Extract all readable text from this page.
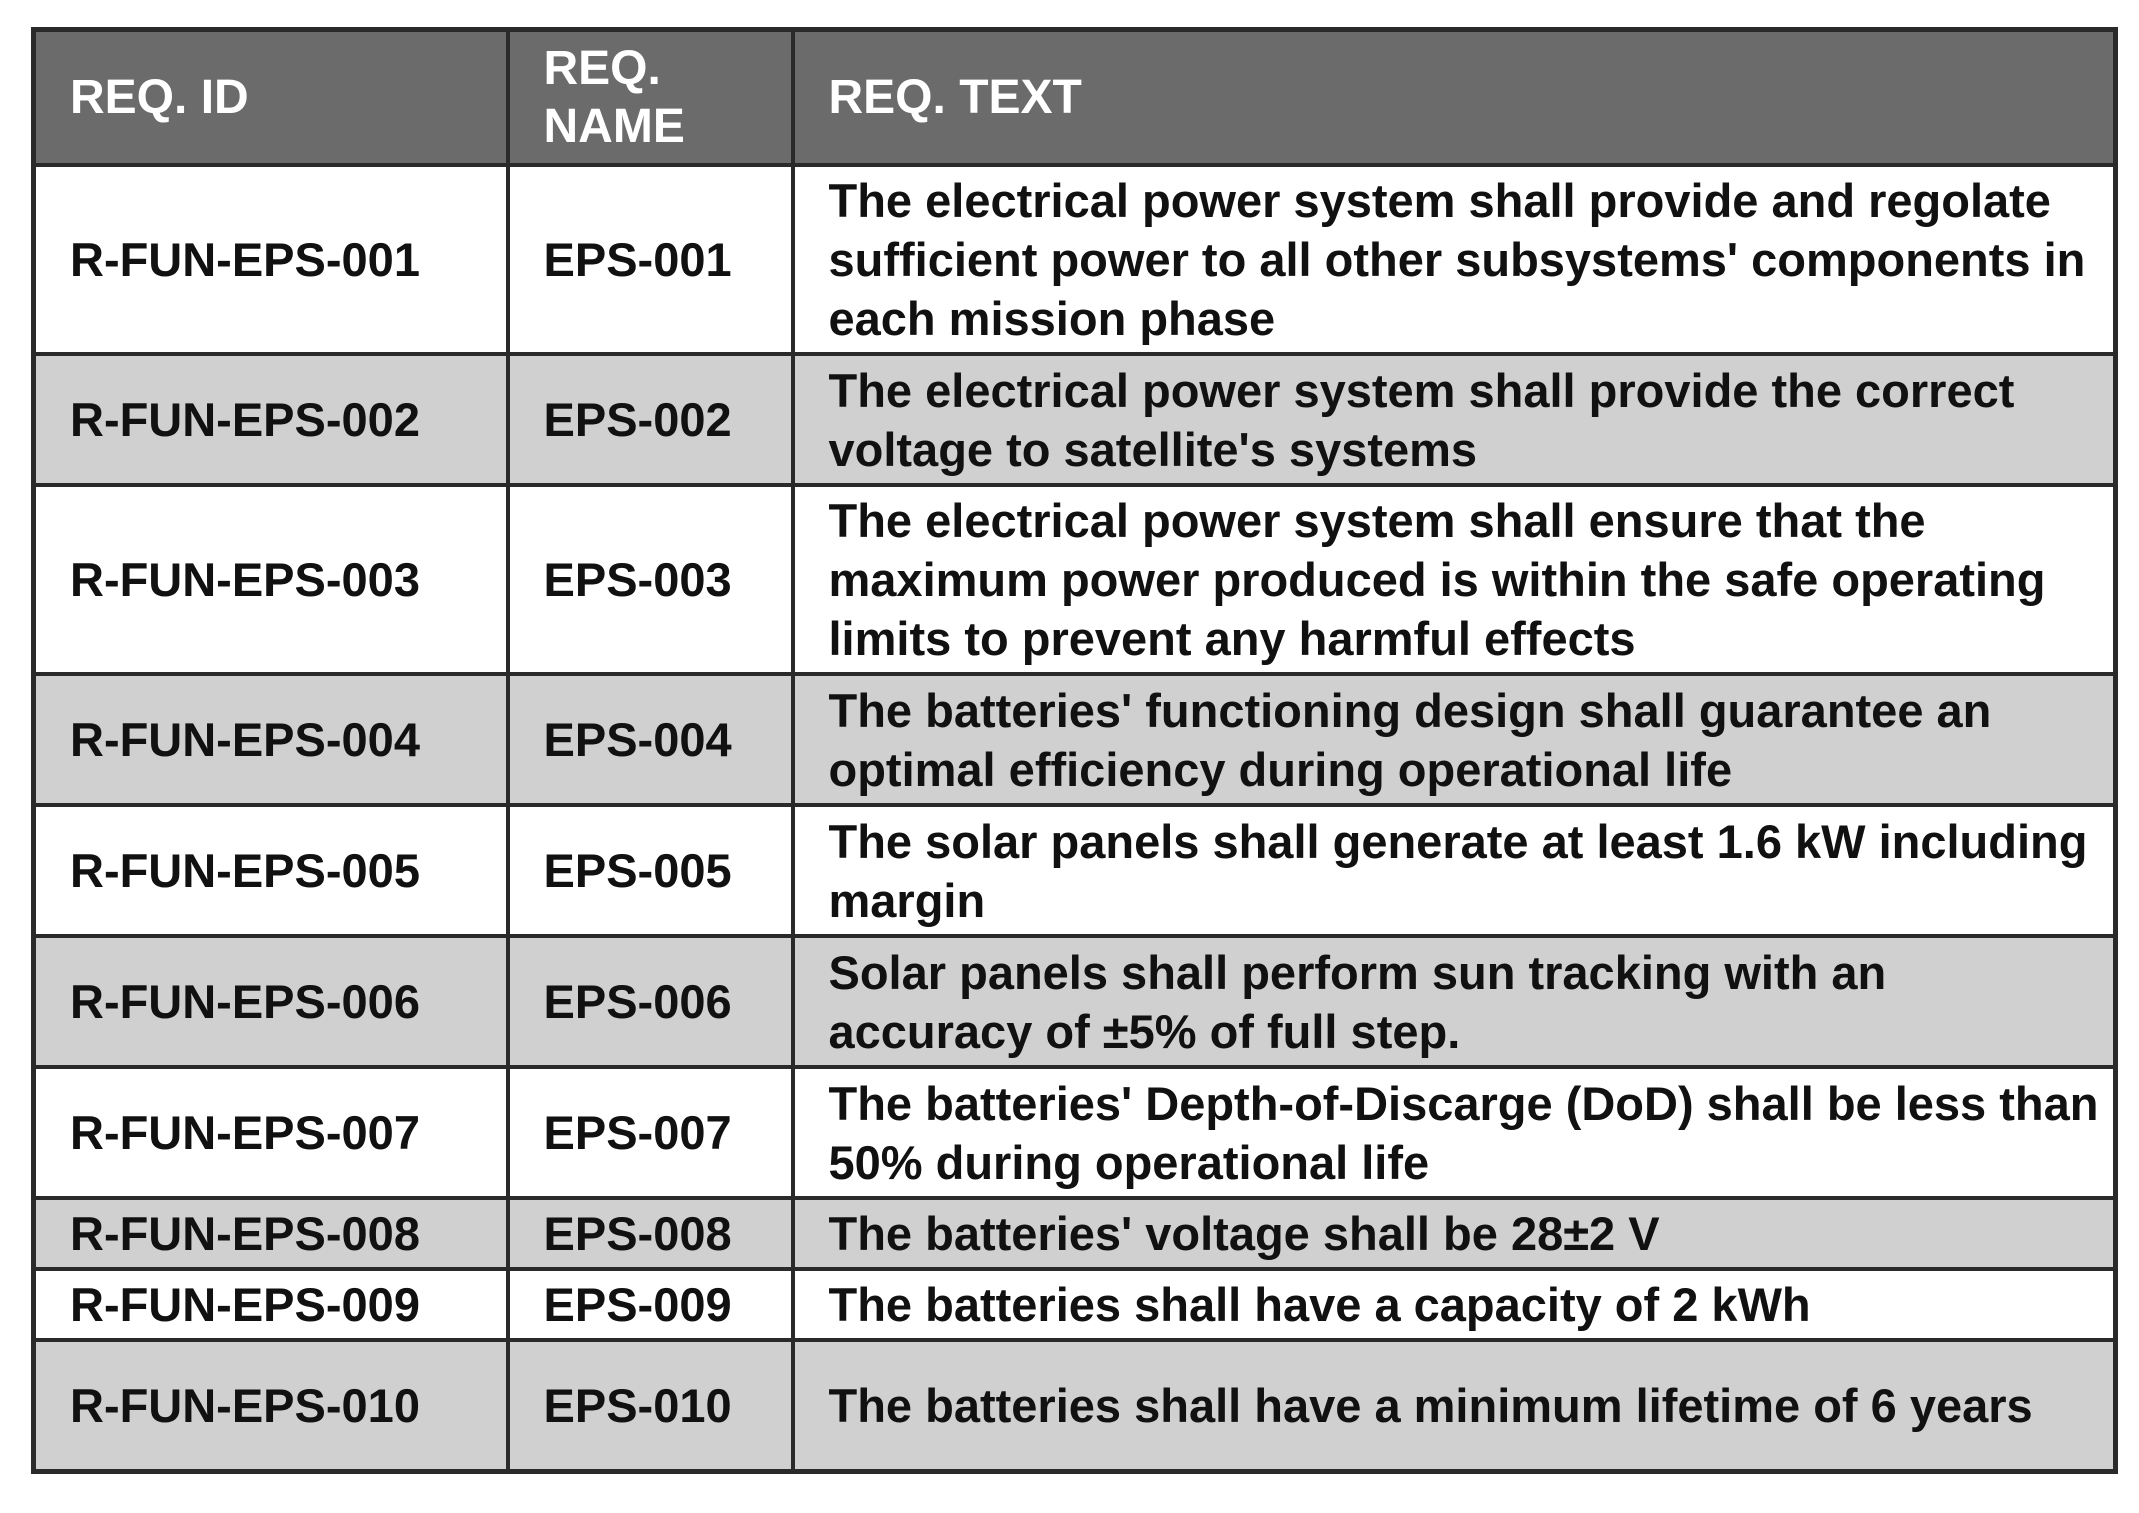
REQ. ID	REQ. NAME	REQ. TEXT
R-FUN-EPS-001	EPS-001	The electrical power system shall provide and regolate sufficient power to all other subsystems' components in each mission phase
R-FUN-EPS-002	EPS-002	The electrical power system shall provide the correct voltage to satellite's systems
R-FUN-EPS-003	EPS-003	The electrical power system shall ensure that the maximum power produced is within the safe operating limits to prevent any harmful effects
R-FUN-EPS-004	EPS-004	The batteries' functioning design shall guarantee an optimal efficiency during operational life
R-FUN-EPS-005	EPS-005	The solar panels shall generate at least 1.6 kW including margin
R-FUN-EPS-006	EPS-006	Solar panels shall perform sun tracking with an accuracy of ±5% of full step.
R-FUN-EPS-007	EPS-007	The batteries' Depth-of-Discarge (DoD) shall be less than 50% during operational life
R-FUN-EPS-008	EPS-008	The batteries' voltage shall be 28±2 V
R-FUN-EPS-009	EPS-009	The batteries shall have a capacity of 2 kWh
R-FUN-EPS-010	EPS-010	The batteries shall have a minimum lifetime of 6 years
